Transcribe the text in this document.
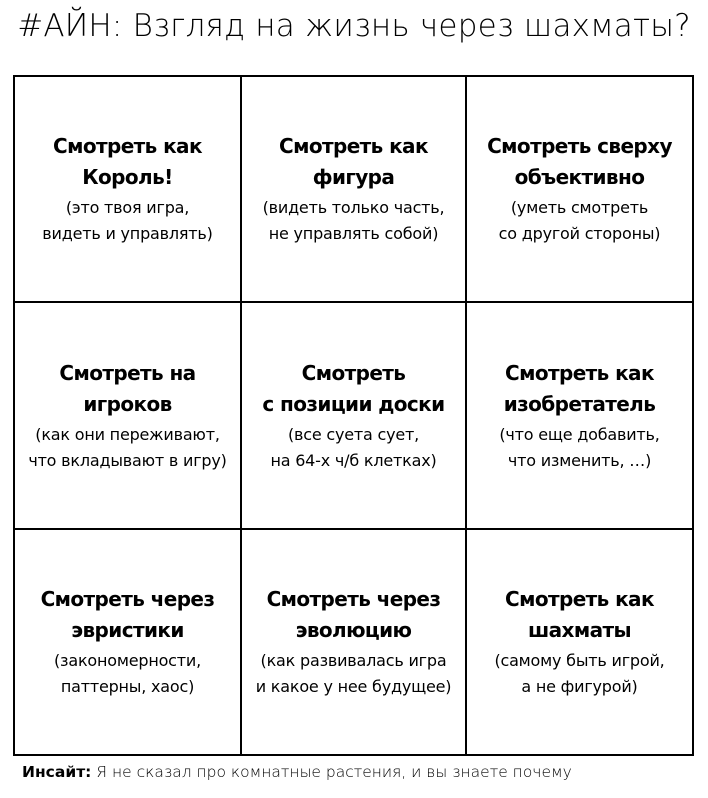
#АЙН: Взгляд на жизнь через шахматы?
Смотреть как
Король!
(это твоя игра,
видеть и управлять)
Смотреть как
фигура
(видеть только часть,
не управлять собой)
Смотреть сверху
объективно
(уметь смотреть
со другой стороны)
Смотреть на
игроков
(как они переживают,
что вкладывают в игру)
Смотреть
с позиции доски
(все суета сует,
на 64-х ч/б клетках)
Смотреть как
изобретатель
(что еще добавить,
что изменить, …)
Смотреть через
эвристики
(закономерности,
паттерны, хаос)
Смотреть через
эволюцию
(как развивалась игра
и какое у нее будущее)
Смотреть как
шахматы
(самому быть игрой,
а не фигурой)
Инсайт: Я не сказал про комнатные растения, и вы знаете почему
